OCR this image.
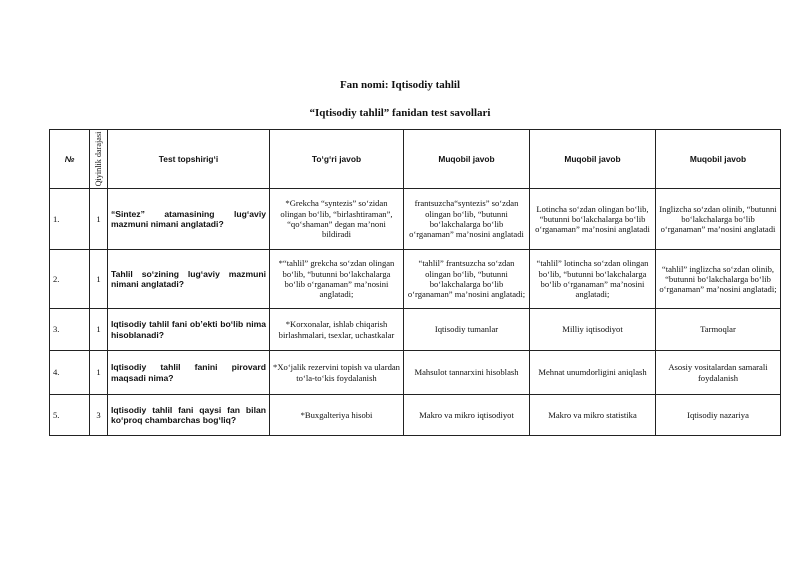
Fan nomi: Iqtisodiy tahlil
“Iqtisodiy tahlil” fanidan test savollari
№	Qiyinlik darajasi	Test topshirig‘i	To‘g‘ri javob	Muqobil javob	Muqobil javob	Muqobil javob
1.	1	“Sintez” atamasining lug‘aviy mazmuni nimani anglatadi?	*Grekcha “syntezis” so‘zidan olingan bo‘lib, “birlashtiraman”, “qo‘shaman” degan ma’noni bildiradi	frantsuzcha“syntezis” so‘zdan olingan bo‘lib, “butunni bo‘lakchalarga bo‘lib o‘rganaman” ma’nosini anglatadi	Lotincha so‘zdan olingan bo‘lib, “butunni bo‘lakchalarga bo‘lib o‘rganaman” ma’nosini anglatadi	Inglizcha so‘zdan olinib, “butunni bo‘lakchalarga bo‘lib o‘rganaman” ma’nosini anglatadi
2.	1	Tahlil so‘zining lug‘aviy mazmuni nimani anglatadi?	*“tahlil” grekcha so‘zdan olingan bo‘lib, “butunni bo‘lakchalarga bo‘lib o‘rganaman” ma’nosini anglatadi;	“tahlil” frantsuzcha so‘zdan olingan bo‘lib, “butunni bo‘lakchalarga bo‘lib o‘rganaman” ma’nosini anglatadi;	“tahlil” lotincha so‘zdan olingan bo‘lib, “butunni bo‘lakchalarga bo‘lib o‘rganaman” ma’nosini anglatadi;	“tahlil” inglizcha so‘zdan olinib, “butunni bo‘lakchalarga bo‘lib o‘rganaman” ma’nosini anglatadi;
3.	1	Iqtisodiy tahlil fani ob’ekti bo‘lib nima hisoblanadi?	*Korxonalar, ishlab chiqarish birlashmalari, tsexlar, uchastkalar	Iqtisodiy tumanlar	Milliy iqtisodiyot	Tarmoqlar
4.	1	Iqtisodiy tahlil fanini pirovard maqsadi nima?	*Xo‘jalik rezervini topish va ulardan to‘la-to‘kis foydalanish	Mahsulot tannarxini hisoblash	Mehnat unumdorligini aniqlash	Asosiy vositalardan samarali foydalanish
5.	3	Iqtisodiy tahlil fani qaysi fan bilan ko‘proq chambarchas bog‘liq?	*Buxgalteriya hisobi	Makro va mikro iqtisodiyot	Makro va mikro statistika	Iqtisodiy nazariya
